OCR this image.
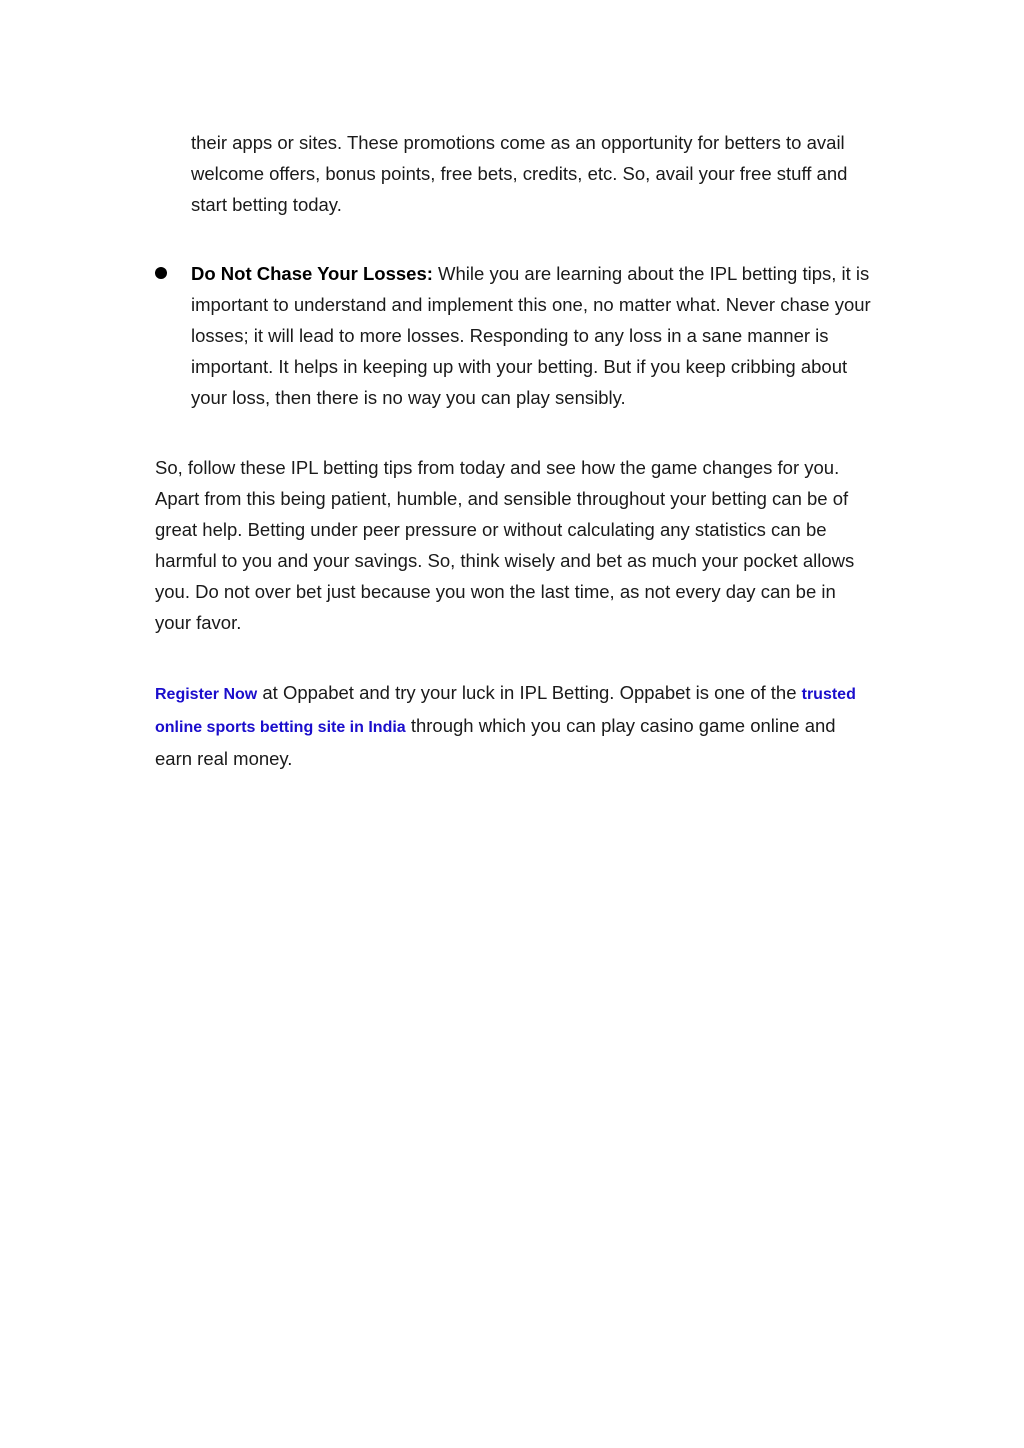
their apps or sites. These promotions come as an opportunity for betters to avail welcome offers, bonus points, free bets, credits, etc. So, avail your free stuff and start betting today.

Do Not Chase Your Losses: While you are learning about the IPL betting tips, it is important to understand and implement this one, no matter what. Never chase your losses; it will lead to more losses. Responding to any loss in a sane manner is important. It helps in keeping up with your betting. But if you keep cribbing about your loss, then there is no way you can play sensibly.

So, follow these IPL betting tips from today and see how the game changes for you. Apart from this being patient, humble, and sensible throughout your betting can be of great help. Betting under peer pressure or without calculating any statistics can be harmful to you and your savings. So, think wisely and bet as much your pocket allows you. Do not over bet just because you won the last time, as not every day can be in your favor.

Register Now at Oppabet and try your luck in IPL Betting. Oppabet is one of the trusted online sports betting site in India through which you can play casino game online and earn real money.
